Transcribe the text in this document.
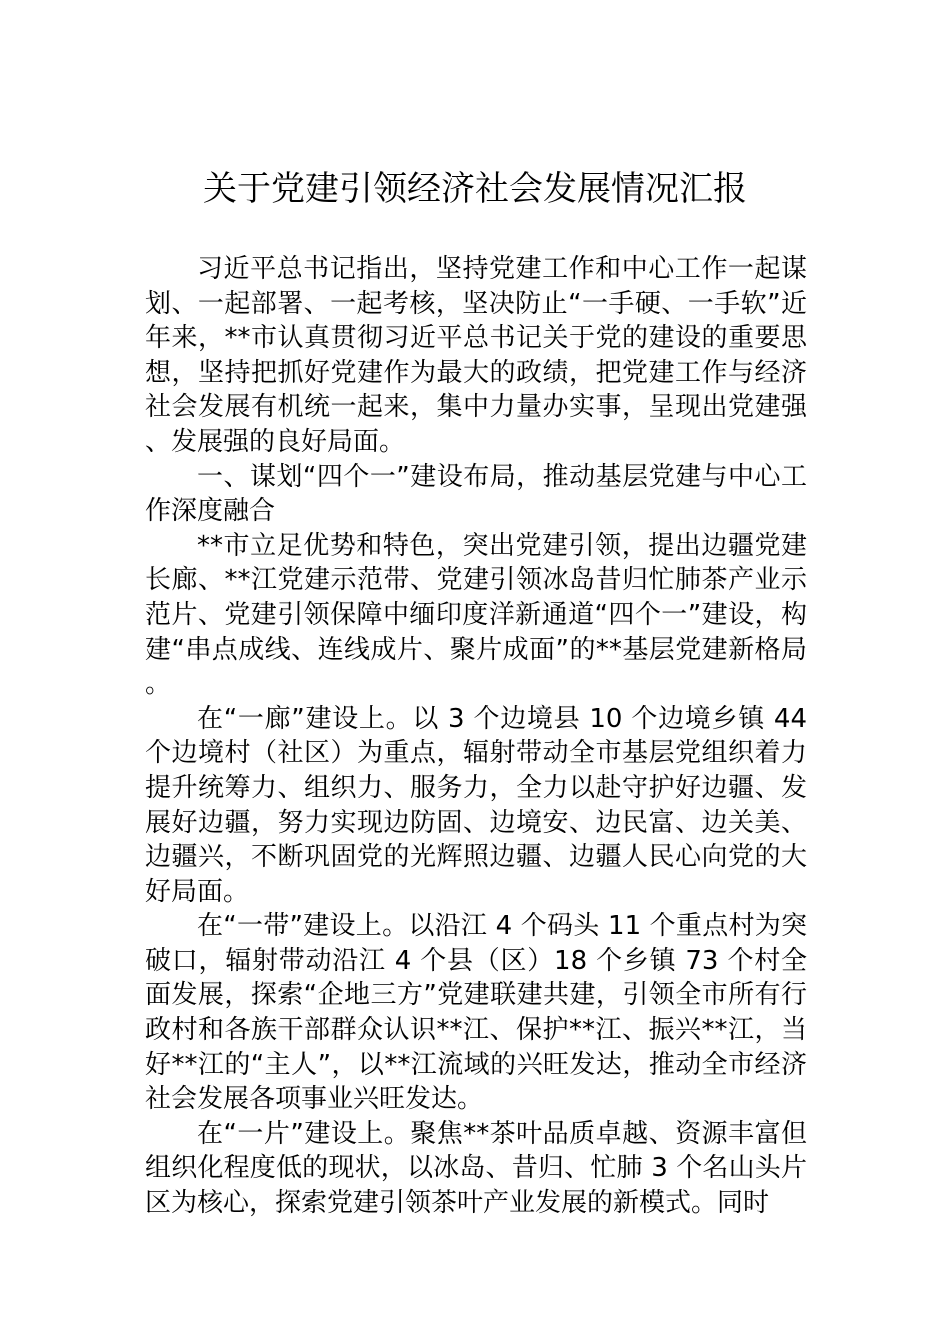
关于党建引领经济社会发展情况汇报

习近平总书记指出，坚持党建工作和中心工作一起谋划、一起部署、一起考核，坚决防止“一手硬、一手软”近年来，**市认真贯彻习近平总书记关于党的建设的重要思想，坚持把抓好党建作为最大的政绩，把党建工作与经济社会发展有机统一起来，集中力量办实事，呈现出党建强、发展强的良好局面。

一、谋划“四个一”建设布局，推动基层党建与中心工作深度融合

**市立足优势和特色，突出党建引领，提出边疆党建长廊、**江党建示范带、党建引领冰岛昔归忙肺茶产业示范片、党建引领保障中缅印度洋新通道“四个一”建设，构建“串点成线、连线成片、聚片成面”的**基层党建新格局。

在“一廊”建设上。以 3 个边境县 10 个边境乡镇 44个边境村（社区）为重点，辐射带动全市基层党组织着力提升统筹力、组织力、服务力，全力以赴守护好边疆、发展好边疆，努力实现边防固、边境安、边民富、边关美、边疆兴，不断巩固党的光辉照边疆、边疆人民心向党的大好局面。

在“一带”建设上。以沿江 4 个码头 11 个重点村为突破口，辐射带动沿江 4 个县（区）18 个乡镇 73 个村全面发展，探索“企地三方”党建联建共建，引领全市所有行政村和各族干部群众认识**江、保护**江、振兴**江，当好**江的“主人”，以**江流域的兴旺发达，推动全市经济社会发展各项事业兴旺发达。

在“一片”建设上。聚焦**茶叶品质卓越、资源丰富但组织化程度低的现状，以冰岛、昔归、忙肺 3 个名山头片区为核心，探索党建引领茶叶产业发展的新模式。同时
